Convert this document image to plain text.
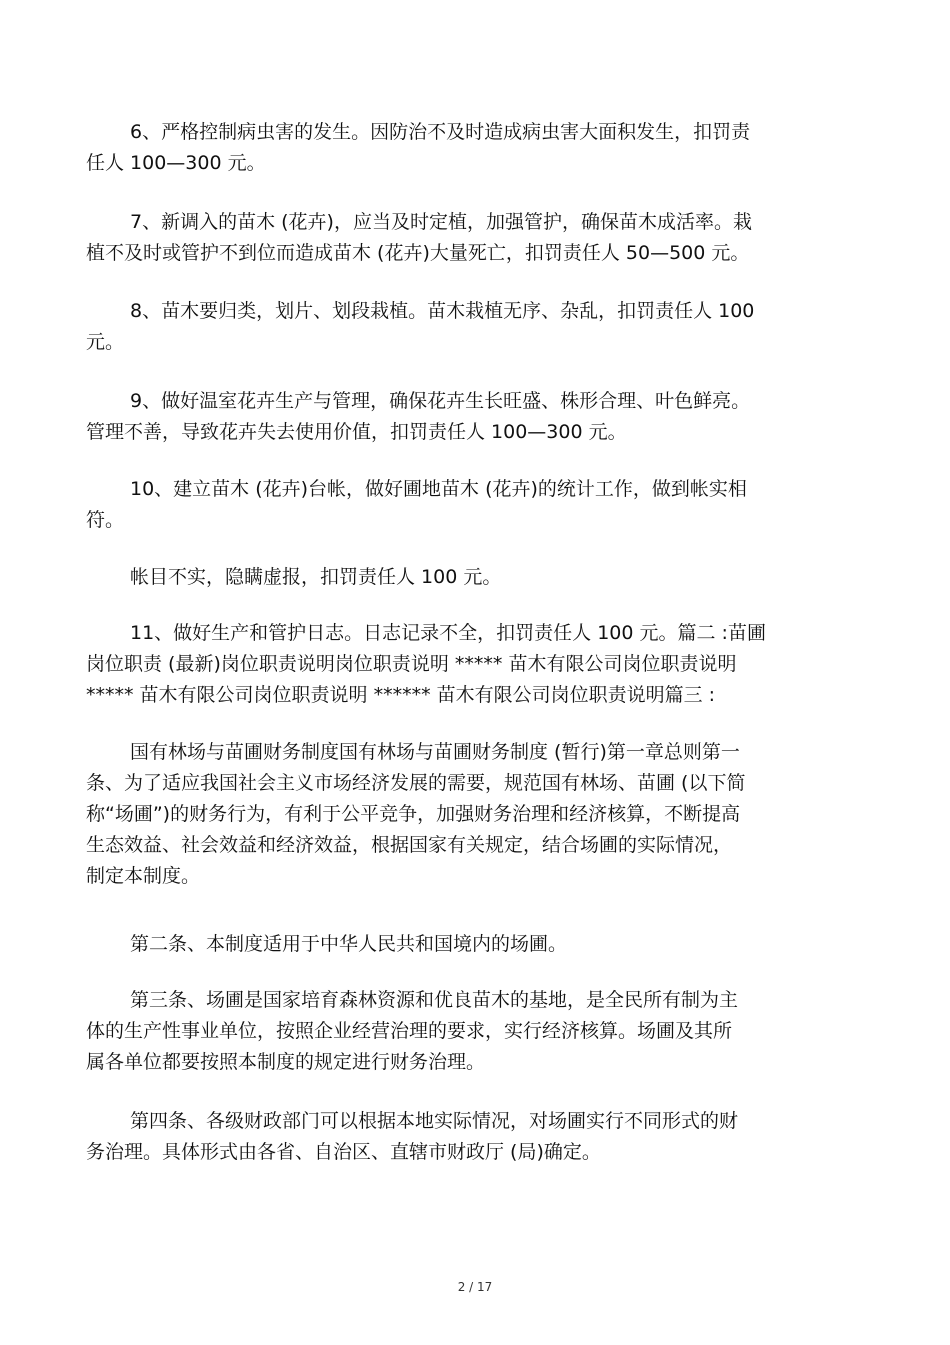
6、严格控制病虫害的发生。因防治不及时造成病虫害大面积发生，扣罚责
任人 100—300 元。

7、新调入的苗木 (花卉)，应当及时定植，加强管护，确保苗木成活率。栽
植不及时或管护不到位而造成苗木 (花卉)大量死亡，扣罚责任人 50—500 元。

8、苗木要归类，划片、划段栽植。苗木栽植无序、杂乱，扣罚责任人 100
元。

9、做好温室花卉生产与管理，确保花卉生长旺盛、株形合理、叶色鲜亮。
管理不善，导致花卉失去使用价值，扣罚责任人 100—300 元。

10、建立苗木 (花卉)台帐，做好圃地苗木 (花卉)的统计工作，做到帐实相
符。

帐目不实，隐瞒虚报，扣罚责任人 100 元。

11、做好生产和管护日志。日志记录不全，扣罚责任人 100 元。篇二 :苗圃
岗位职责 (最新)岗位职责说明岗位职责说明 ***** 苗木有限公司岗位职责说明
***** 苗木有限公司岗位职责说明 ****** 苗木有限公司岗位职责说明篇三 :

国有林场与苗圃财务制度国有林场与苗圃财务制度 (暂行)第一章总则第一
条、为了适应我国社会主义市场经济发展的需要，规范国有林场、苗圃 (以下简
称“场圃”)的财务行为，有利于公平竞争，加强财务治理和经济核算，不断提高
生态效益、社会效益和经济效益，根据国家有关规定，结合场圃的实际情况，
制定本制度。

第二条、本制度适用于中华人民共和国境内的场圃。

第三条、场圃是国家培育森林资源和优良苗木的基地，是全民所有制为主
体的生产性事业单位，按照企业经营治理的要求，实行经济核算。场圃及其所
属各单位都要按照本制度的规定进行财务治理。

第四条、各级财政部门可以根据本地实际情况，对场圃实行不同形式的财
务治理。具体形式由各省、自治区、直辖市财政厅 (局)确定。

2 / 17
